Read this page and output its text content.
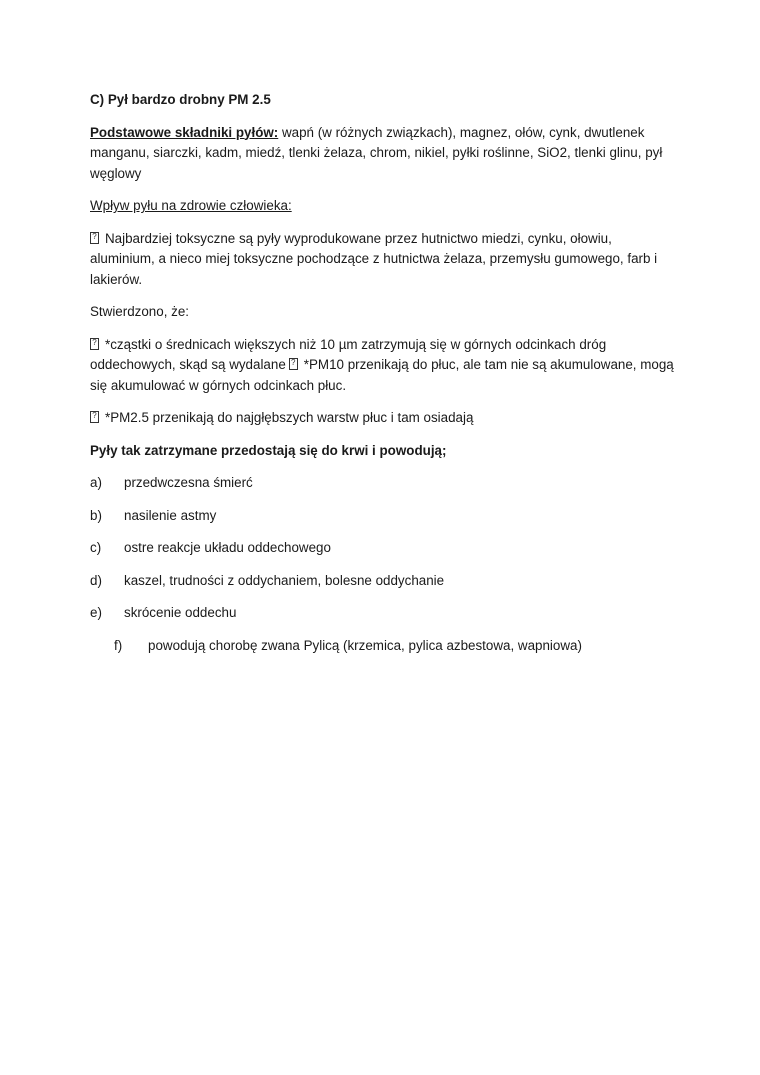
C) Pył bardzo drobny PM 2.5

Podstawowe składniki pyłów: wapń (w różnych związkach), magnez, ołów, cynk, dwutlenek manganu, siarczki, kadm, miedź, tlenki żelaza, chrom, nikiel, pyłki roślinne, SiO2, tlenki glinu, pył węglowy

Wpływ pyłu na zdrowie człowieka:

?Najbardziej toksyczne są pyły wyprodukowane przez hutnictwo miedzi, cynku, ołowiu, aluminium, a nieco miej toksyczne pochodzące z hutnictwa żelaza, przemysłu gumowego, farb i lakierów.

Stwierdzono, że:

?*cząstki o średnicach większych niż 10 µm zatrzymują się w górnych odcinkach dróg oddechowych, skąd są wydalane? *PM10 przenikają do płuc, ale tam nie są akumulowane, mogą się akumulować w górnych odcinkach płuc.

?*PM2.5 przenikają do najgłębszych warstw płuc i tam osiadają

Pyły tak zatrzymane przedostają się do krwi i powodują;

a)	przedwczesna śmierć
b)	nasilenie astmy
c)	ostre reakcje układu oddechowego
d)	kaszel, trudności z oddychaniem, bolesne oddychanie
e)	skrócenie oddechu
f)	powodują chorobę zwana Pylicą (krzemica, pylica azbestowa, wapniowa)
